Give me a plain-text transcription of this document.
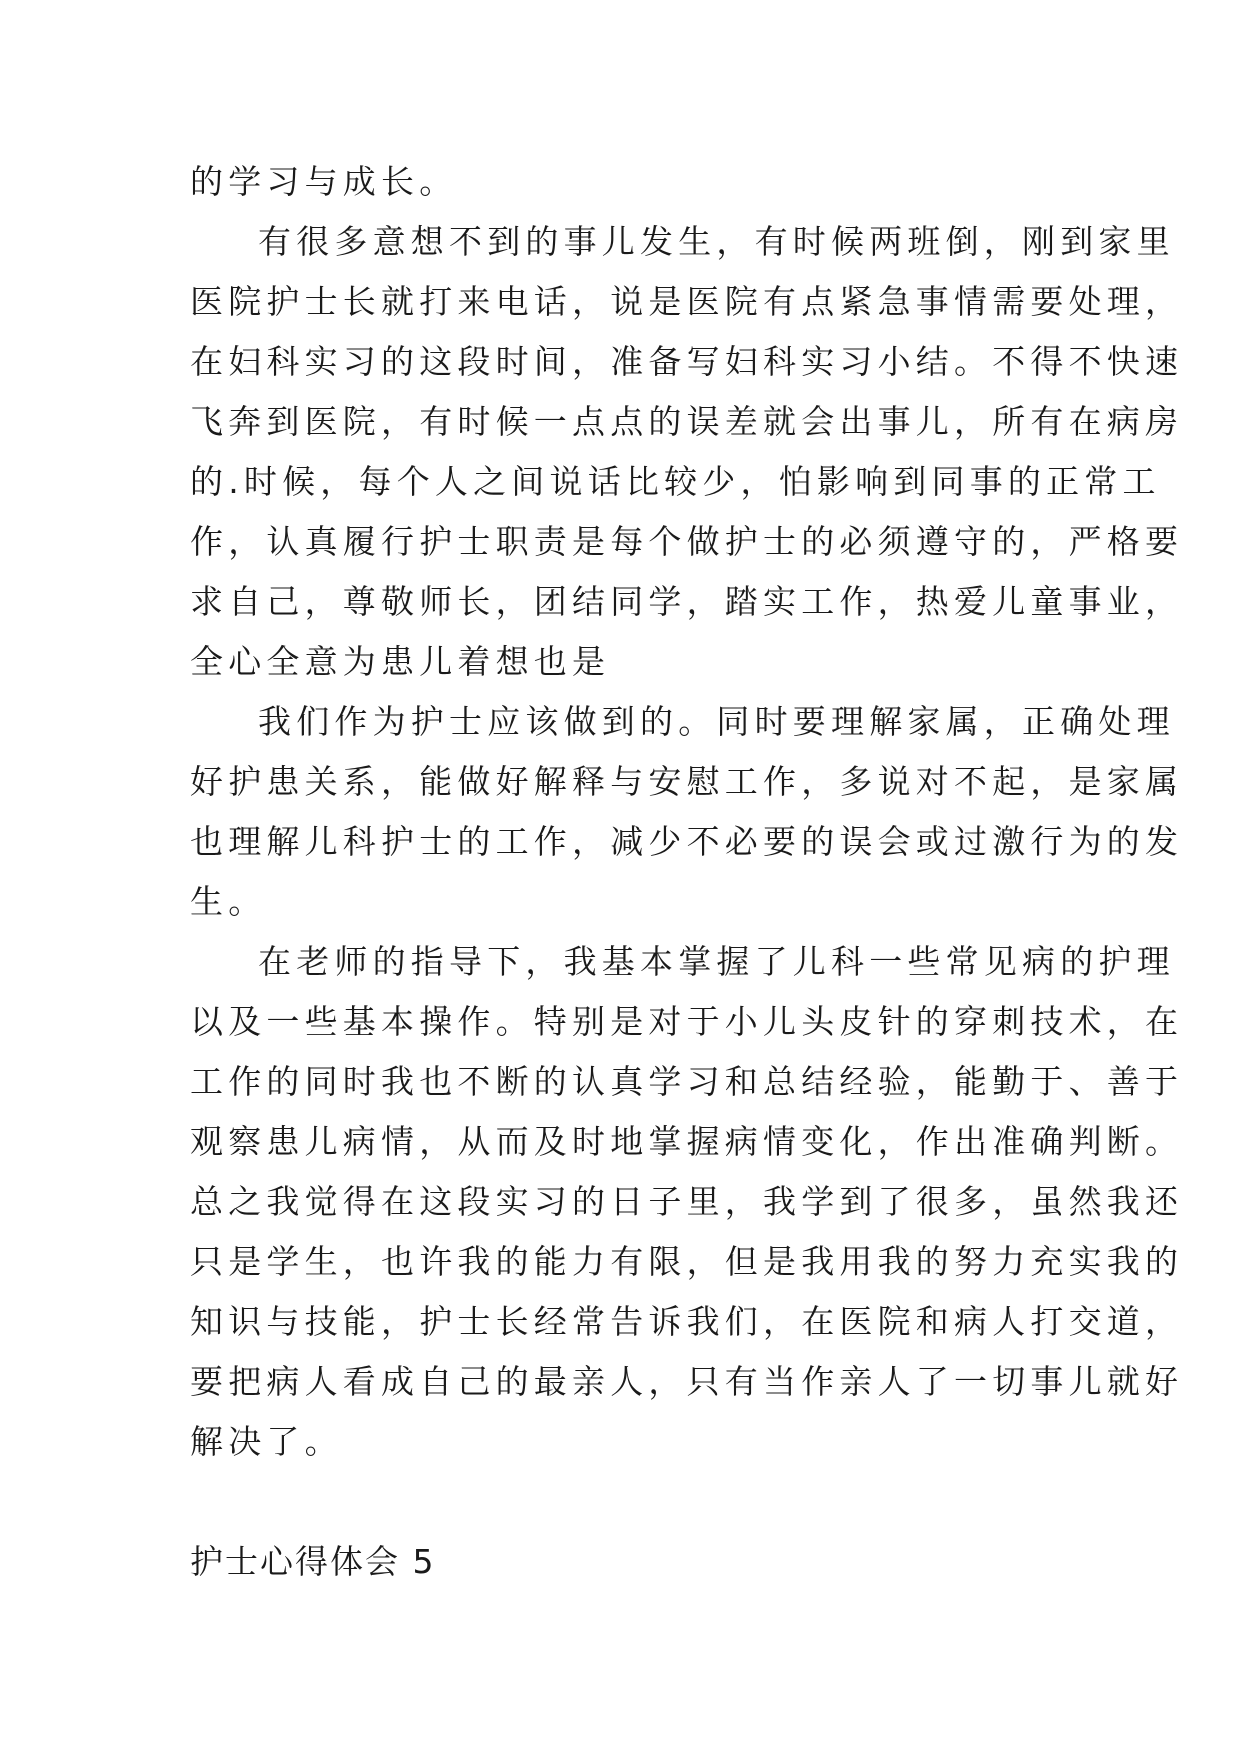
的学习与成长。
有很多意想不到的事儿发生，有时候两班倒，刚到家里
医院护士长就打来电话，说是医院有点紧急事情需要处理，
在妇科实习的这段时间，准备写妇科实习小结。不得不快速
飞奔到医院，有时候一点点的误差就会出事儿，所有在病房
的.时候，每个人之间说话比较少，怕影响到同事的正常工
作，认真履行护士职责是每个做护士的必须遵守的，严格要
求自己，尊敬师长，团结同学，踏实工作，热爱儿童事业，
全心全意为患儿着想也是
我们作为护士应该做到的。同时要理解家属，正确处理
好护患关系，能做好解释与安慰工作，多说对不起，是家属
也理解儿科护士的工作，减少不必要的误会或过激行为的发
生。
在老师的指导下，我基本掌握了儿科一些常见病的护理
以及一些基本操作。特别是对于小儿头皮针的穿刺技术，在
工作的同时我也不断的认真学习和总结经验，能勤于、善于
观察患儿病情，从而及时地掌握病情变化，作出准确判断。
总之我觉得在这段实习的日子里，我学到了很多，虽然我还
只是学生，也许我的能力有限，但是我用我的努力充实我的
知识与技能，护士长经常告诉我们，在医院和病人打交道，
要把病人看成自己的最亲人，只有当作亲人了一切事儿就好
解决了。
护士心得体会 5
